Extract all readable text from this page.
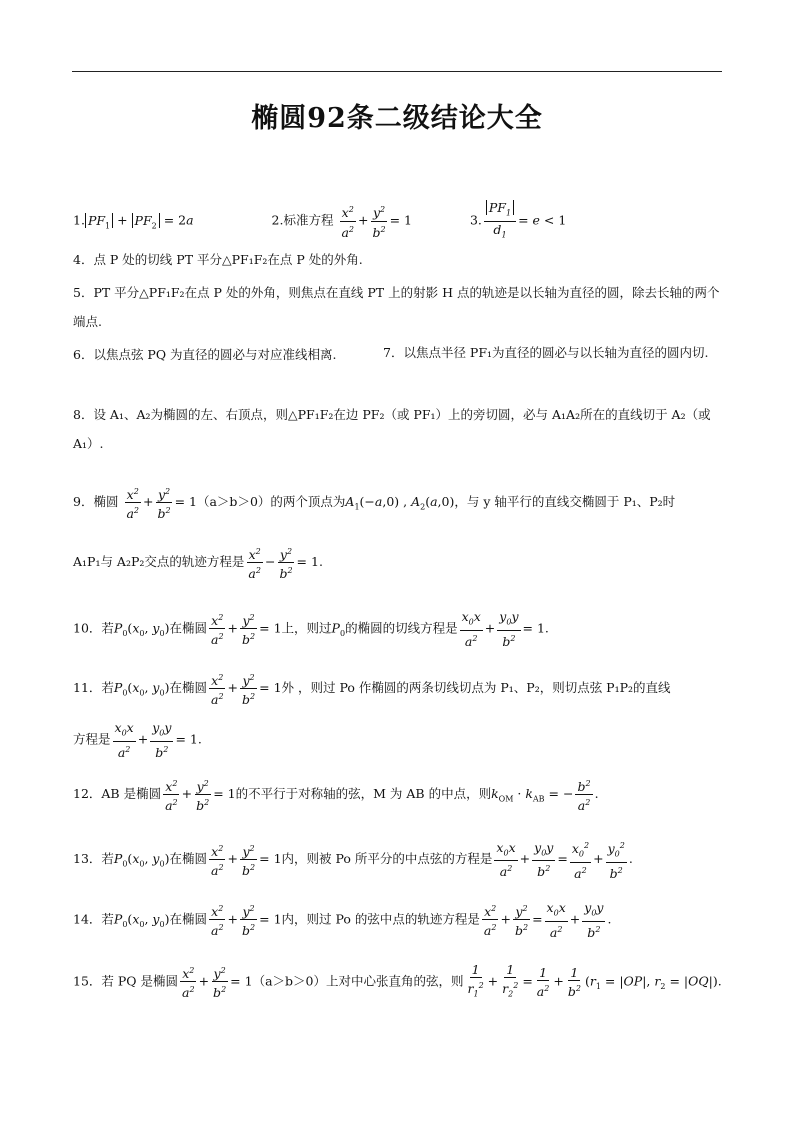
椭圆92条二级结论大全
1. $PF_1 + PF_2 = 2a$	2.标准方程 $\frac{x^2}{a^2} + \frac{y^2}{b^2} = 1$	3. $\frac{PF_1}{d_1} = e < 1$
4．点 P 处的切线 PT 平分△PF₁F₂在点 P 处的外角.
5．PT 平分△PF₁F₂在点 P 处的外角，则焦点在直线 PT 上的射影 H 点的轨迹是以长轴为直径的圆，除去长轴的两个端点.
6．以焦点弦 PQ 为直径的圆必与对应准线相离.	7．以焦点半径 PF₁为直径的圆必与以长轴为直径的圆内切.
8．设 A₁、A₂为椭圆的左、右顶点，则△PF₁F₂在边 PF₂（或 PF₁）上的旁切圆，必与 A₁A₂所在的直线切于 A₂（或 A₁）.
9．椭圆 $\frac{x^2}{a^2} + \frac{y^2}{b^2} = 1(a>b>0)$的两个顶点为$A_1(-a,0)$ , $A_2(a,0)$，与 y 轴平行的直线交椭圆于 P₁、P₂时
A₁P₁与 A₂P₂交点的轨迹方程是 $\frac{x^2}{a^2} - \frac{y^2}{b^2} = 1$.
10．若$P_0(x_0$, $y_0$)在椭圆 $\frac{x^2}{a^2} + \frac{y^2}{b^2} = 1$上，则过$P_0$的椭圆的切线方程是 $\frac{x_0x}{a^2} + \frac{y_0y}{b^2} = 1$.
11．若$P_0(x_0$, $y_0$)在椭圆 $\frac{x^2}{a^2} + \frac{y^2}{b^2} = 1$外 ，则过 Po 作椭圆的两条切线切点为 P₁、P₂，则切点弦 P₁P₂的直线
方程是 $\frac{x_0x}{a^2} + \frac{y_0y}{b^2} = 1$.
12．AB 是椭圆 $\frac{x^2}{a^2} + \frac{y^2}{b^2} = 1$的不平行于对称轴的弦，M 为 AB 的中点，则$k_{OM} \cdot k_{AB}$ = − $\frac{b^2}{a^2}$ .
13．若$P_0(x_0$, $y_0$)在椭圆 $\frac{x^2}{a^2} + \frac{y^2}{b^2} = 1$内，则被 Po 所平分的中点弦的方程是 $\frac{x_0x}{a^2} + \frac{y_0y}{b^2} = \frac{x_0^2}{a^2} + \frac{y_0^2}{b^2}$ .
14．若$P_0(x_0$, $y_0$)在椭圆 $\frac{x^2}{a^2} + \frac{y^2}{b^2} = 1$内，则过 Po 的弦中点的轨迹方程是 $\frac{x^2}{a^2} + \frac{y^2}{b^2} = \frac{x_0x}{a^2} + \frac{y_0y}{b^2}$ .
15．若 PQ 是椭圆 $\frac{x^2}{a^2} + \frac{y^2}{b^2} = 1(a>b>0)$上对中心张直角的弦，则 $\frac{1}{r_1^2} + \frac{1}{r_2^2} = \frac{1}{a^2} + \frac{1}{b^2} (r_1 = |OP|$, $r_2 = |OQ|$).
